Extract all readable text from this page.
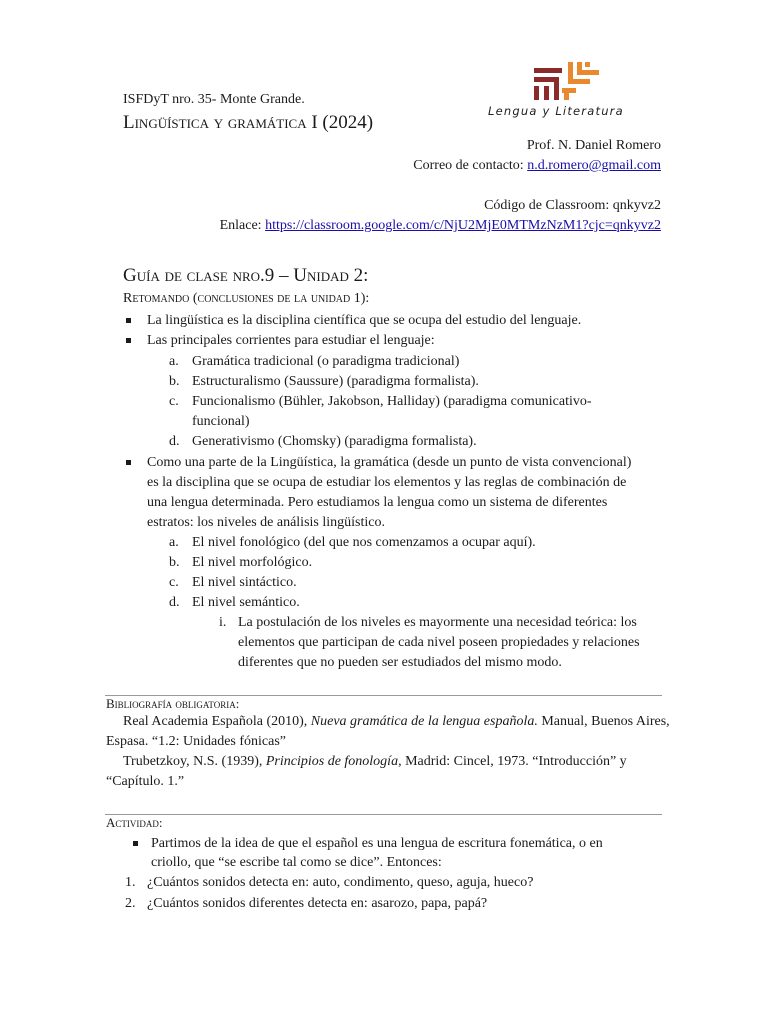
ISFDyT nro. 35- Monte Grande.
Lingüística y gramática I (2024)
Lengua y Literatura
Prof. N. Daniel Romero
Correo de contacto: n.d.romero@gmail.com
Código de Classroom: qnkyvz2
Enlace: https://classroom.google.com/c/NjU2MjE0MTMzNzM1?cjc=qnkyvz2
Guía de clase nro.9 – Unidad 2:
Retomando (conclusiones de la unidad 1):
La lingüística es la disciplina científica que se ocupa del estudio del lenguaje.
Las principales corrientes para estudiar el lenguaje:
a. Gramática tradicional (o paradigma tradicional)
b. Estructuralismo (Saussure) (paradigma formalista).
c. Funcionalismo (Bühler, Jakobson, Halliday) (paradigma comunicativo-
funcional)
d. Generativismo (Chomsky) (paradigma formalista).
Como una parte de la Lingüística, la gramática (desde un punto de vista convencional)
es la disciplina que se ocupa de estudiar los elementos y las reglas de combinación de
una lengua determinada. Pero estudiamos la lengua como un sistema de diferentes
estratos: los niveles de análisis lingüístico.
a. El nivel fonológico (del que nos comenzamos a ocupar aquí).
b. El nivel morfológico.
c. El nivel sintáctico.
d. El nivel semántico.
i. La postulación de los niveles es mayormente una necesidad teórica: los
elementos que participan de cada nivel poseen propiedades y relaciones
diferentes que no pueden ser estudiados del mismo modo.
Bibliografía obligatoria:
Real Academia Española (2010), Nueva gramática de la lengua española. Manual, Buenos Aires,
Espasa. “1.2: Unidades fónicas”
Trubetzkoy, N.S. (1939), Principios de fonología, Madrid: Cincel, 1973. “Introducción” y
“Capítulo. 1.”
Actividad:
Partimos de la idea de que el español es una lengua de escritura fonemática, o en
criollo, que “se escribe tal como se dice”. Entonces:
1. ¿Cuántos sonidos detecta en: auto, condimento, queso, aguja, hueco?
2. ¿Cuántos sonidos diferentes detecta en: asarozo, papa, papá?
